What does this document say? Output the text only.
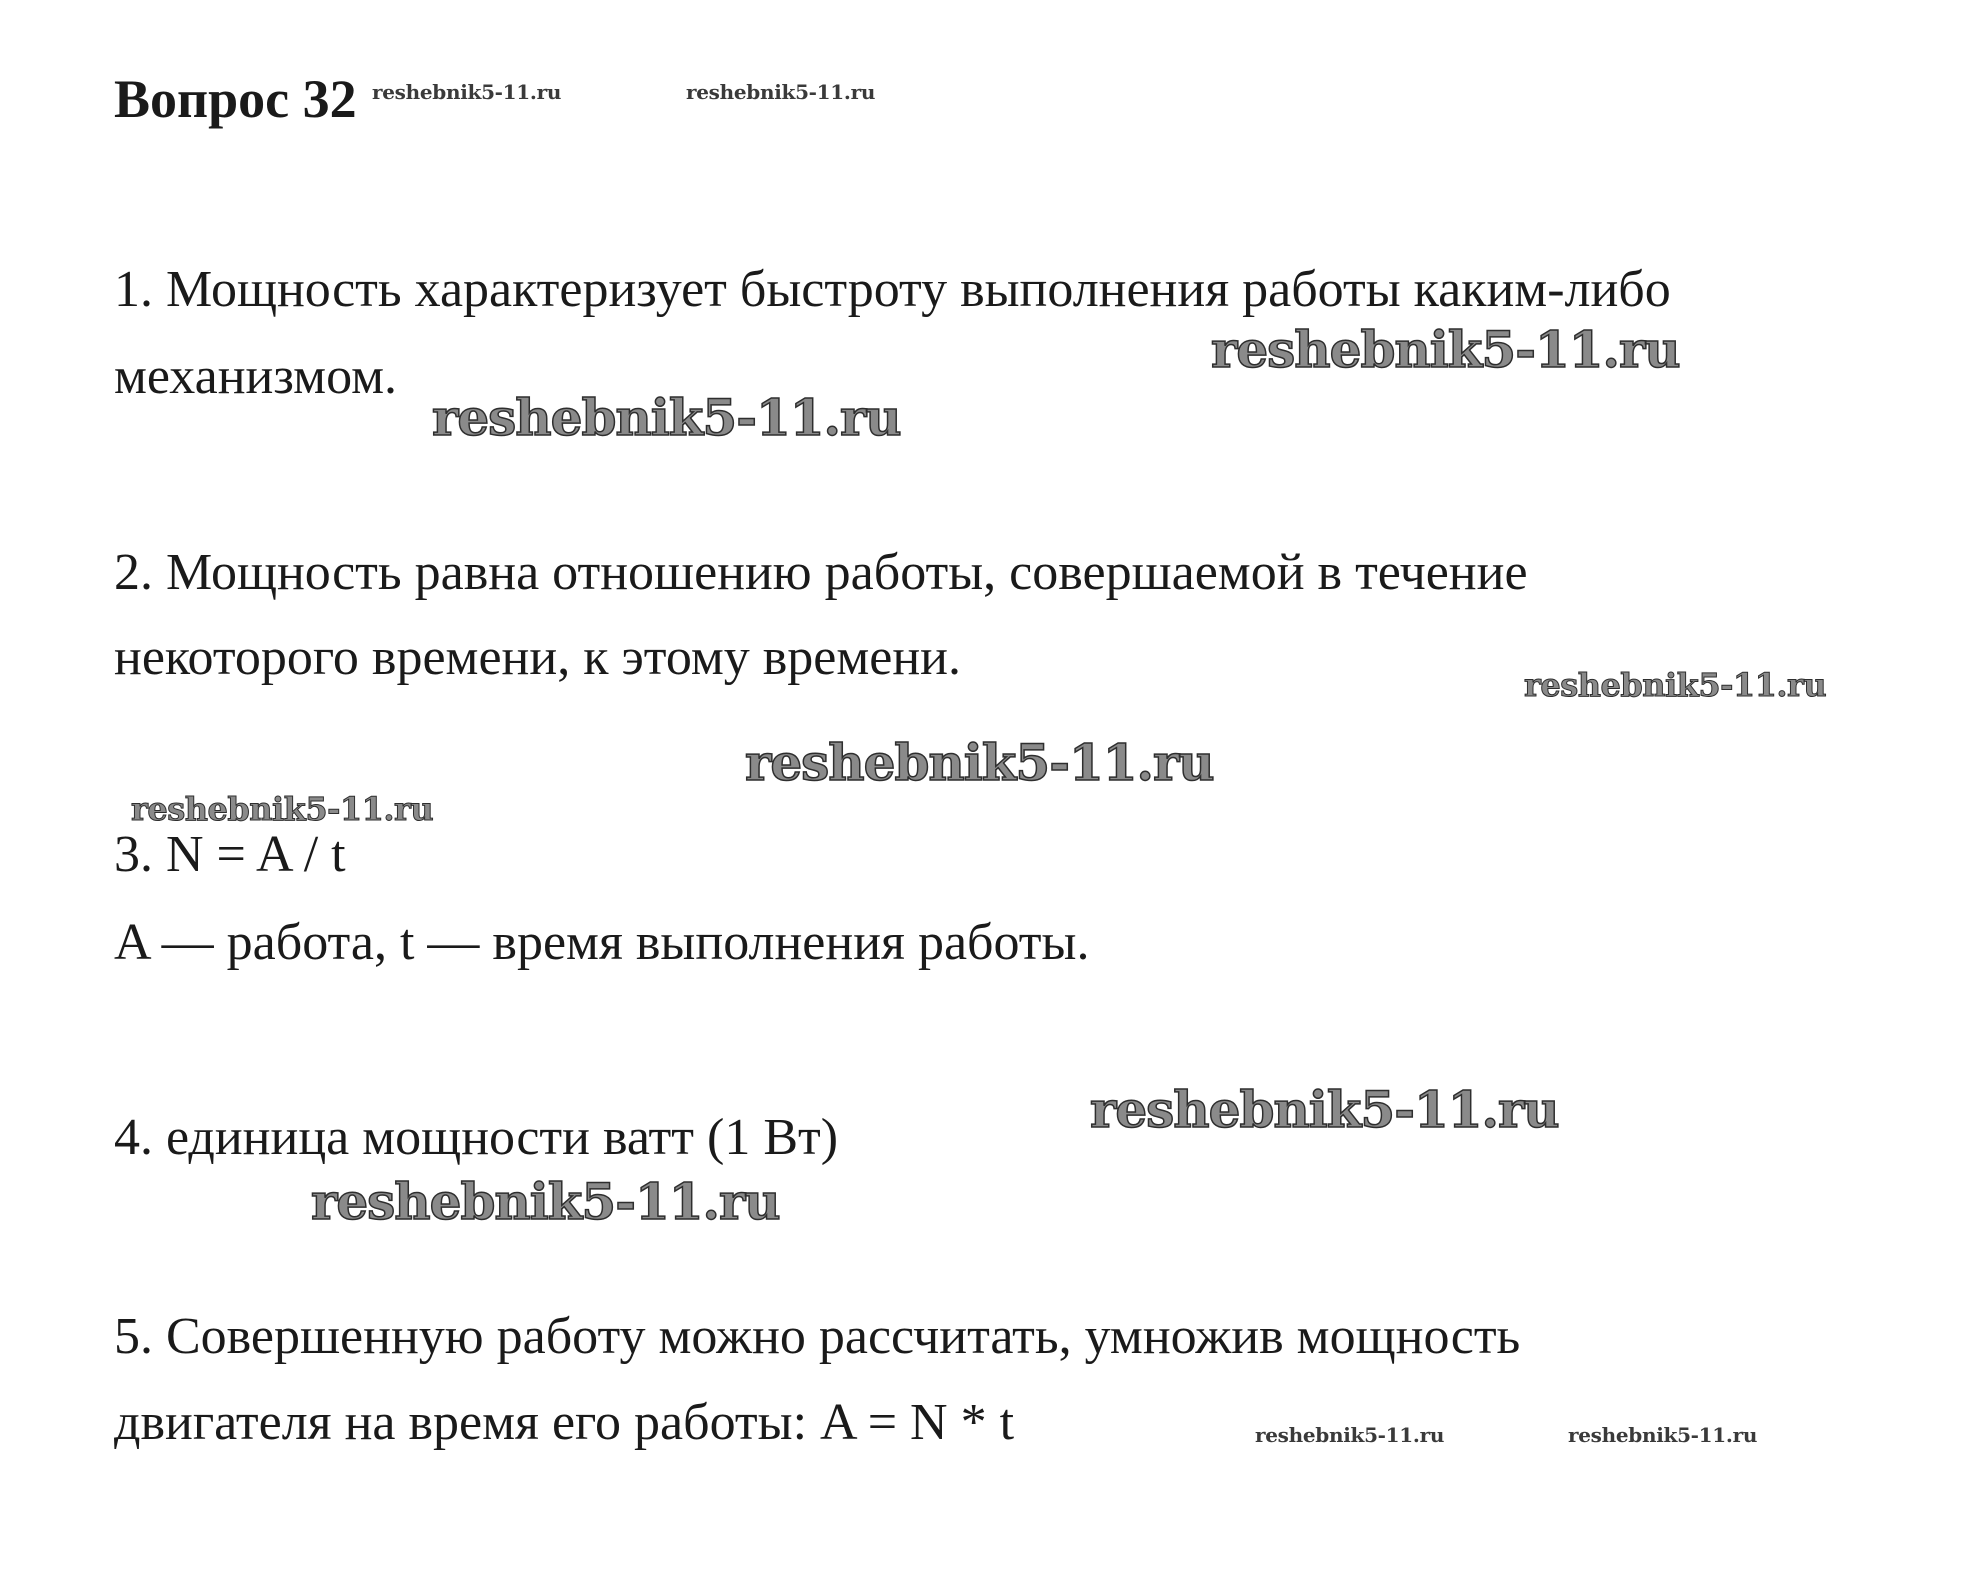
Вопрос 32
1. Мощность характеризует быстроту выполнения работы каким-либо
механизмом.
2. Мощность равна отношению работы, совершаемой в течение
некоторого времени, к этому времени.
3. N = A / t
A — работа, t — время выполнения работы.
4. единица мощности ватт (1 Вт)
5. Совершенную работу можно рассчитать, умножив мощность
двигателя на время его работы: A = N * t
reshebnik5-11.ru	reshebnik5-11.ru
reshebnik5-11.ru
reshebnik5-11.ru
reshebnik5-11.ru
reshebnik5-11.ru
reshebnik5-11.ru
reshebnik5-11.ru
reshebnik5-11.ru
reshebnik5-11.ru	reshebnik5-11.ru
